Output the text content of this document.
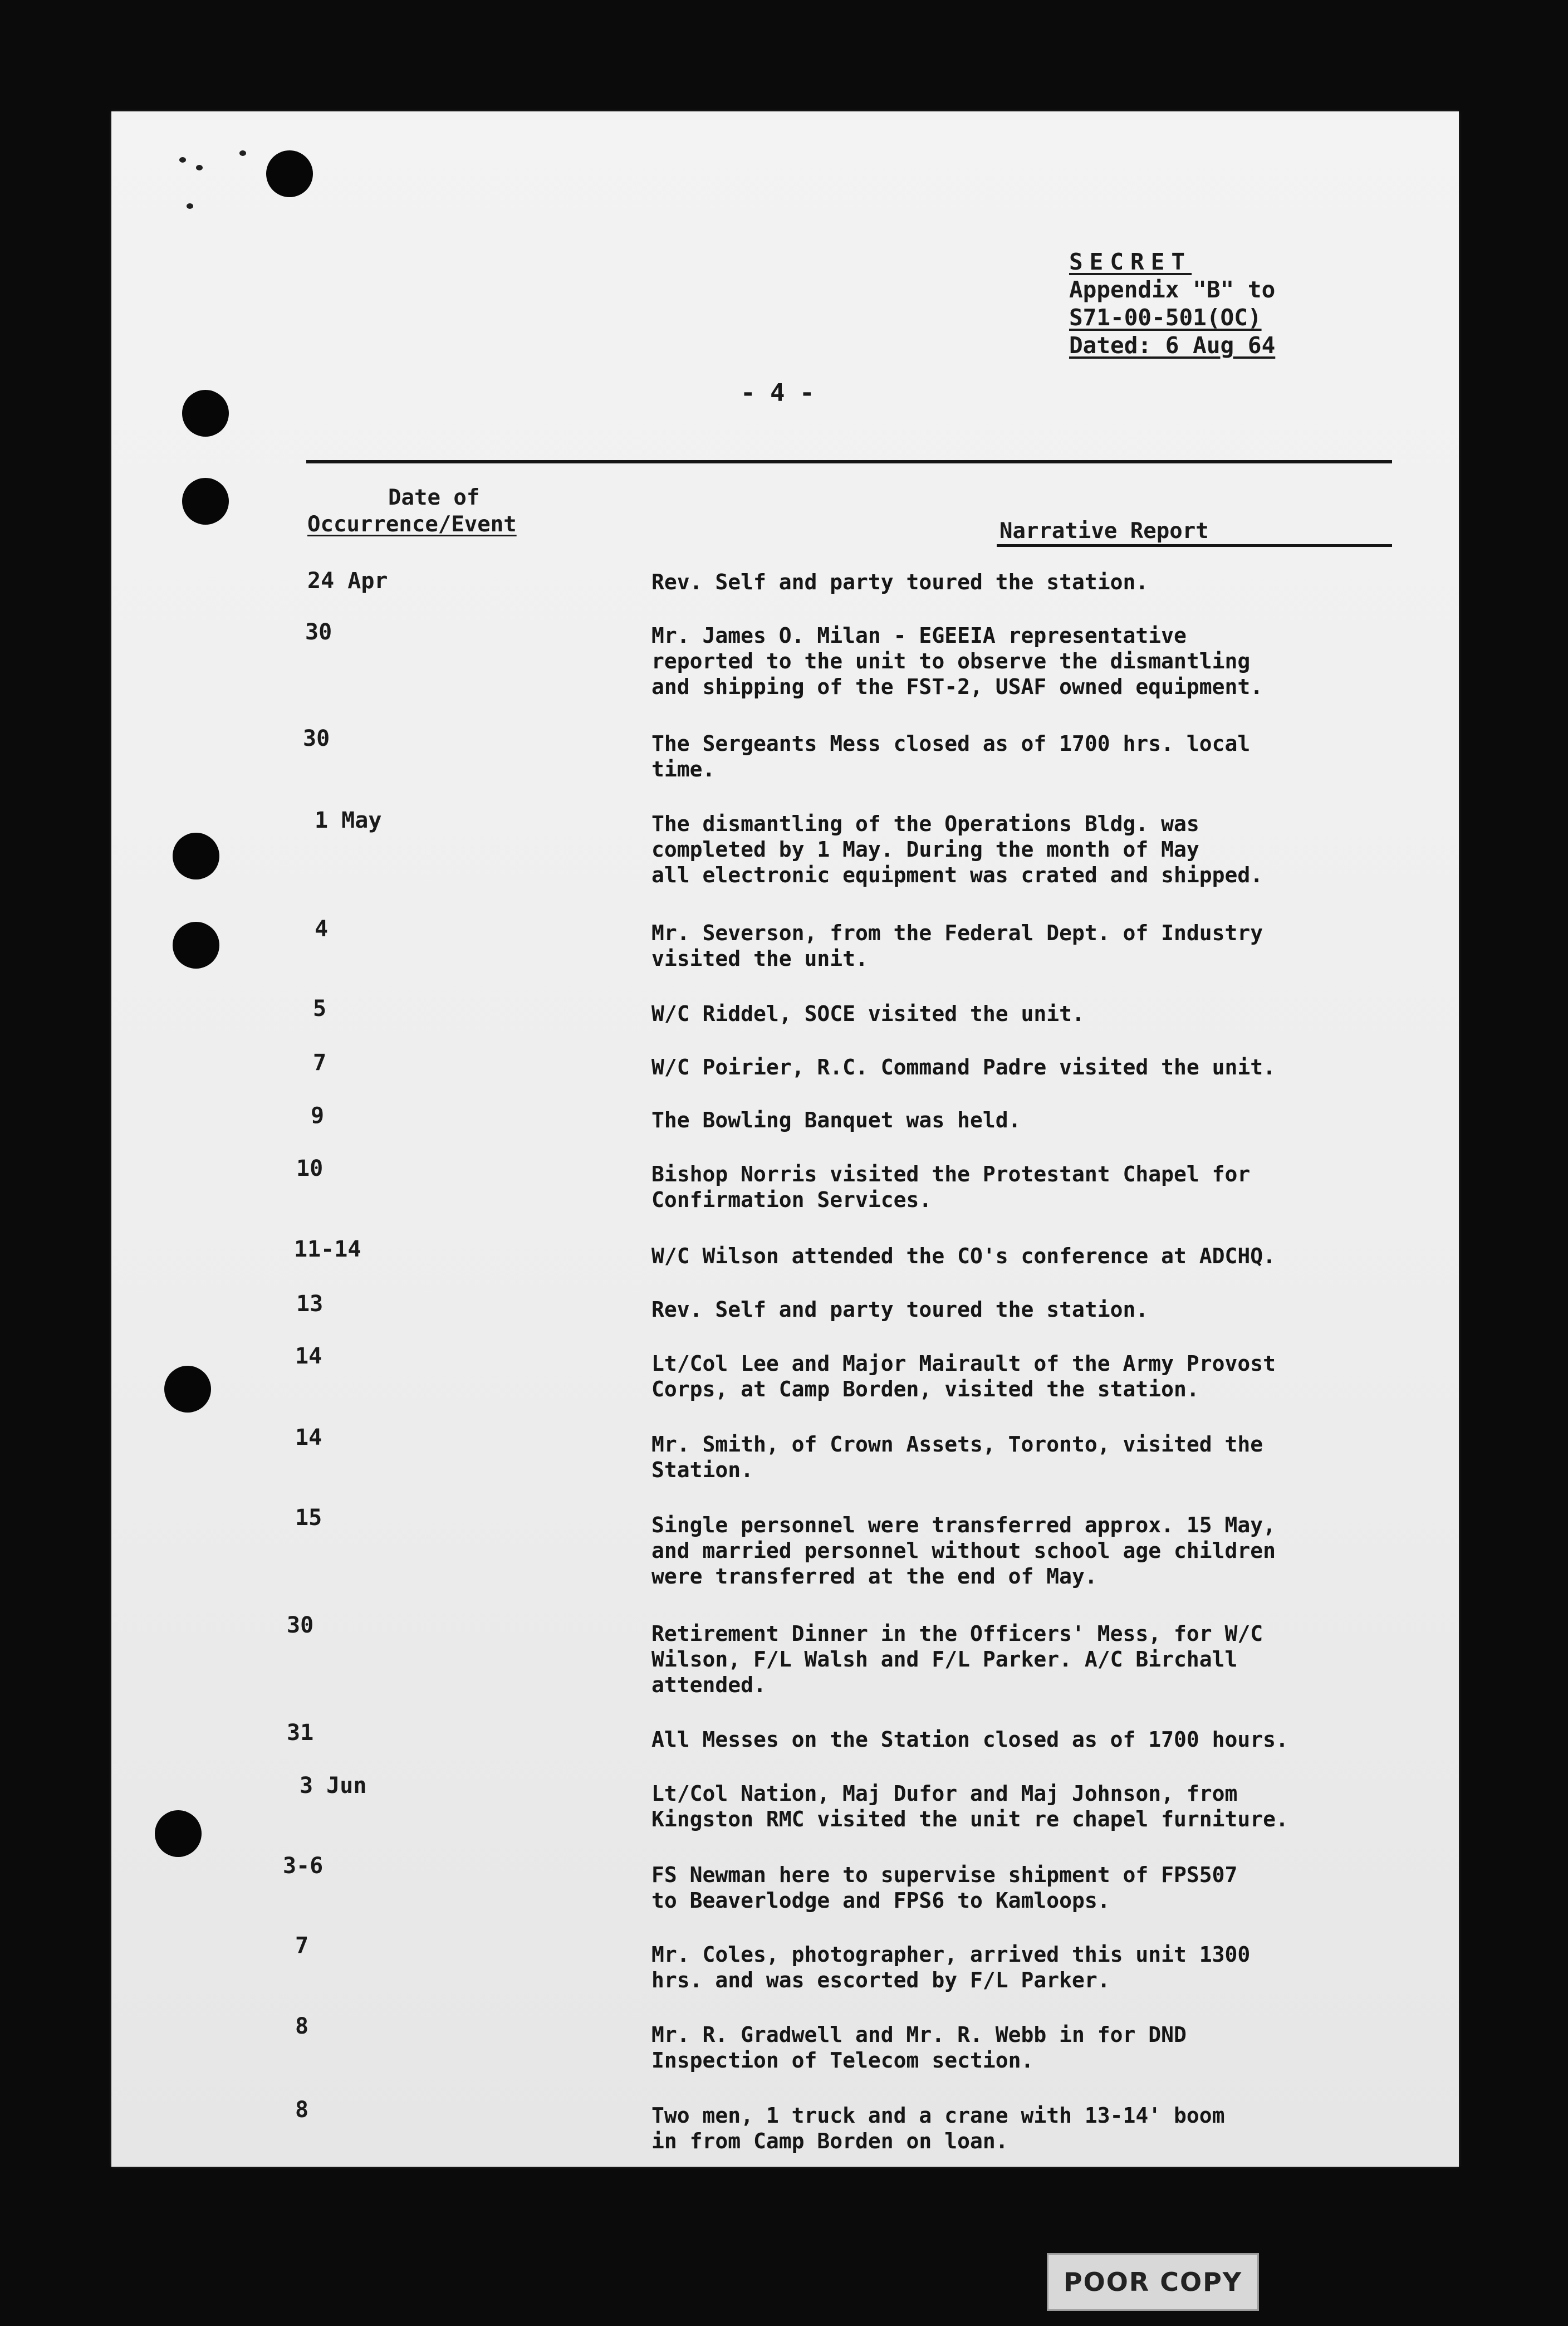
SECRET
Appendix "B" to
S71-00-501(OC)
Dated: 6 Aug 64
- 4 -
Date of
Occurrence/Event	Narrative Report
24 Apr	Rev. Self and party toured the station.
30	Mr. James O. Milan - EGEEIA representative
reported to the unit to observe the dismantling
and shipping of the FST-2, USAF owned equipment.
30	The Sergeants Mess closed as of 1700 hrs. local
time.
1 May	The dismantling of the Operations Bldg. was
completed by 1 May. During the month of May
all electronic equipment was crated and shipped.
4	Mr. Severson, from the Federal Dept. of Industry
visited the unit.
5	W/C Riddel, SOCE visited the unit.
7	W/C Poirier, R.C. Command Padre visited the unit.
9	The Bowling Banquet was held.
10	Bishop Norris visited the Protestant Chapel for
Confirmation Services.
11-14	W/C Wilson attended the CO's conference at ADCHQ.
13	Rev. Self and party toured the station.
14	Lt/Col Lee and Major Mairault of the Army Provost
Corps, at Camp Borden, visited the station.
14	Mr. Smith, of Crown Assets, Toronto, visited the
Station.
15	Single personnel were transferred approx. 15 May,
and married personnel without school age children
were transferred at the end of May.
30	Retirement Dinner in the Officers' Mess, for W/C
Wilson, F/L Walsh and F/L Parker. A/C Birchall
attended.
31	All Messes on the Station closed as of 1700 hours.
3 Jun	Lt/Col Nation, Maj Dufor and Maj Johnson, from
Kingston RMC visited the unit re chapel furniture.
3-6	FS Newman here to supervise shipment of FPS507
to Beaverlodge and FPS6 to Kamloops.
7	Mr. Coles, photographer, arrived this unit 1300
hrs. and was escorted by F/L Parker.
8	Mr. R. Gradwell and Mr. R. Webb in for DND
Inspection of Telecom section.
8	Two men, 1 truck and a crane with 13-14' boom
in from Camp Borden on loan.
POOR COPY
